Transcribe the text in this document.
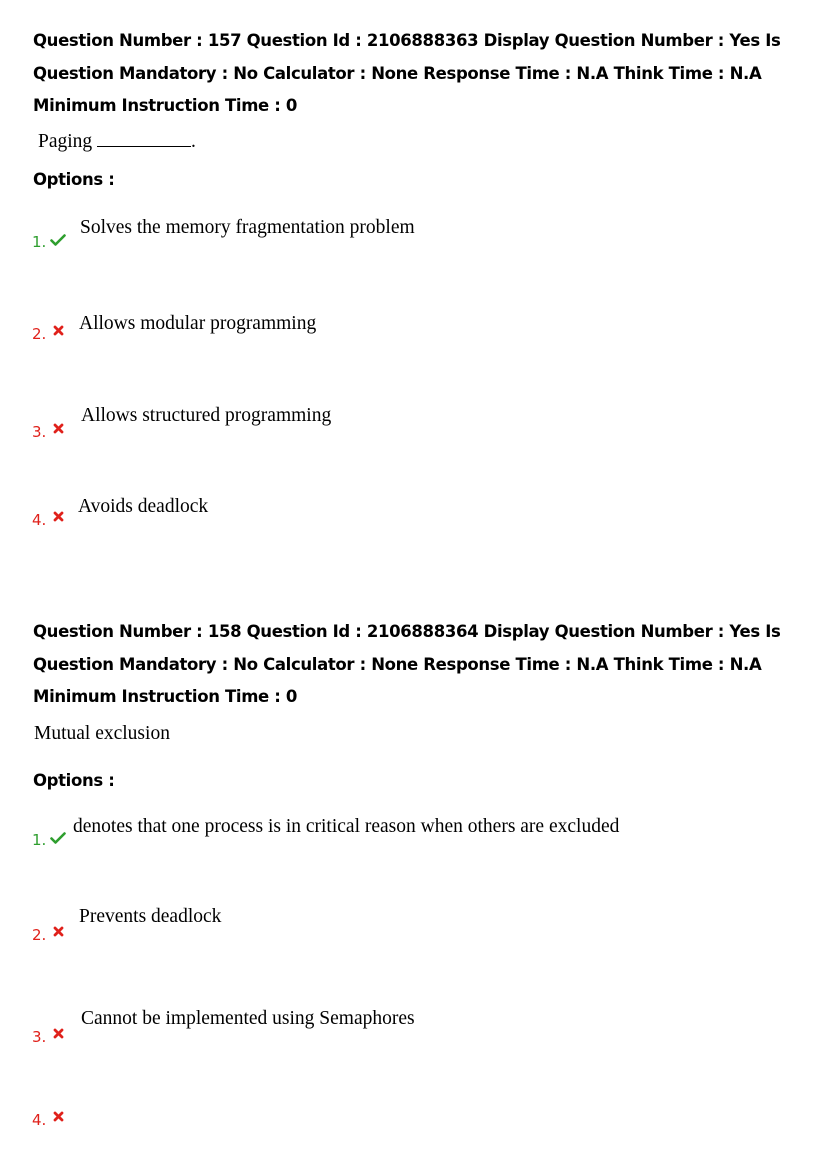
Question Number : 157 Question Id : 2106888363 Display Question Number : Yes Is Question Mandatory : No Calculator : None Response Time : N.A Think Time : N.A Minimum Instruction Time : 0
Paging	.
Options :
1.
Solves the memory fragmentation problem
2. Allows modular programming
3.
Allows structured programming
4.
Avoids deadlock
Question Number : 158 Question Id : 2106888364 Display Question Number : Yes Is Question Mandatory : No Calculator : None Response Time : N.A Think Time : N.A Minimum Instruction Time : 0
Mutual exclusion
Options :
1.
denotes that one process is in critical reason when others are excluded
2.
Prevents deadlock
3.
Cannot be implemented using Semaphores
4.
